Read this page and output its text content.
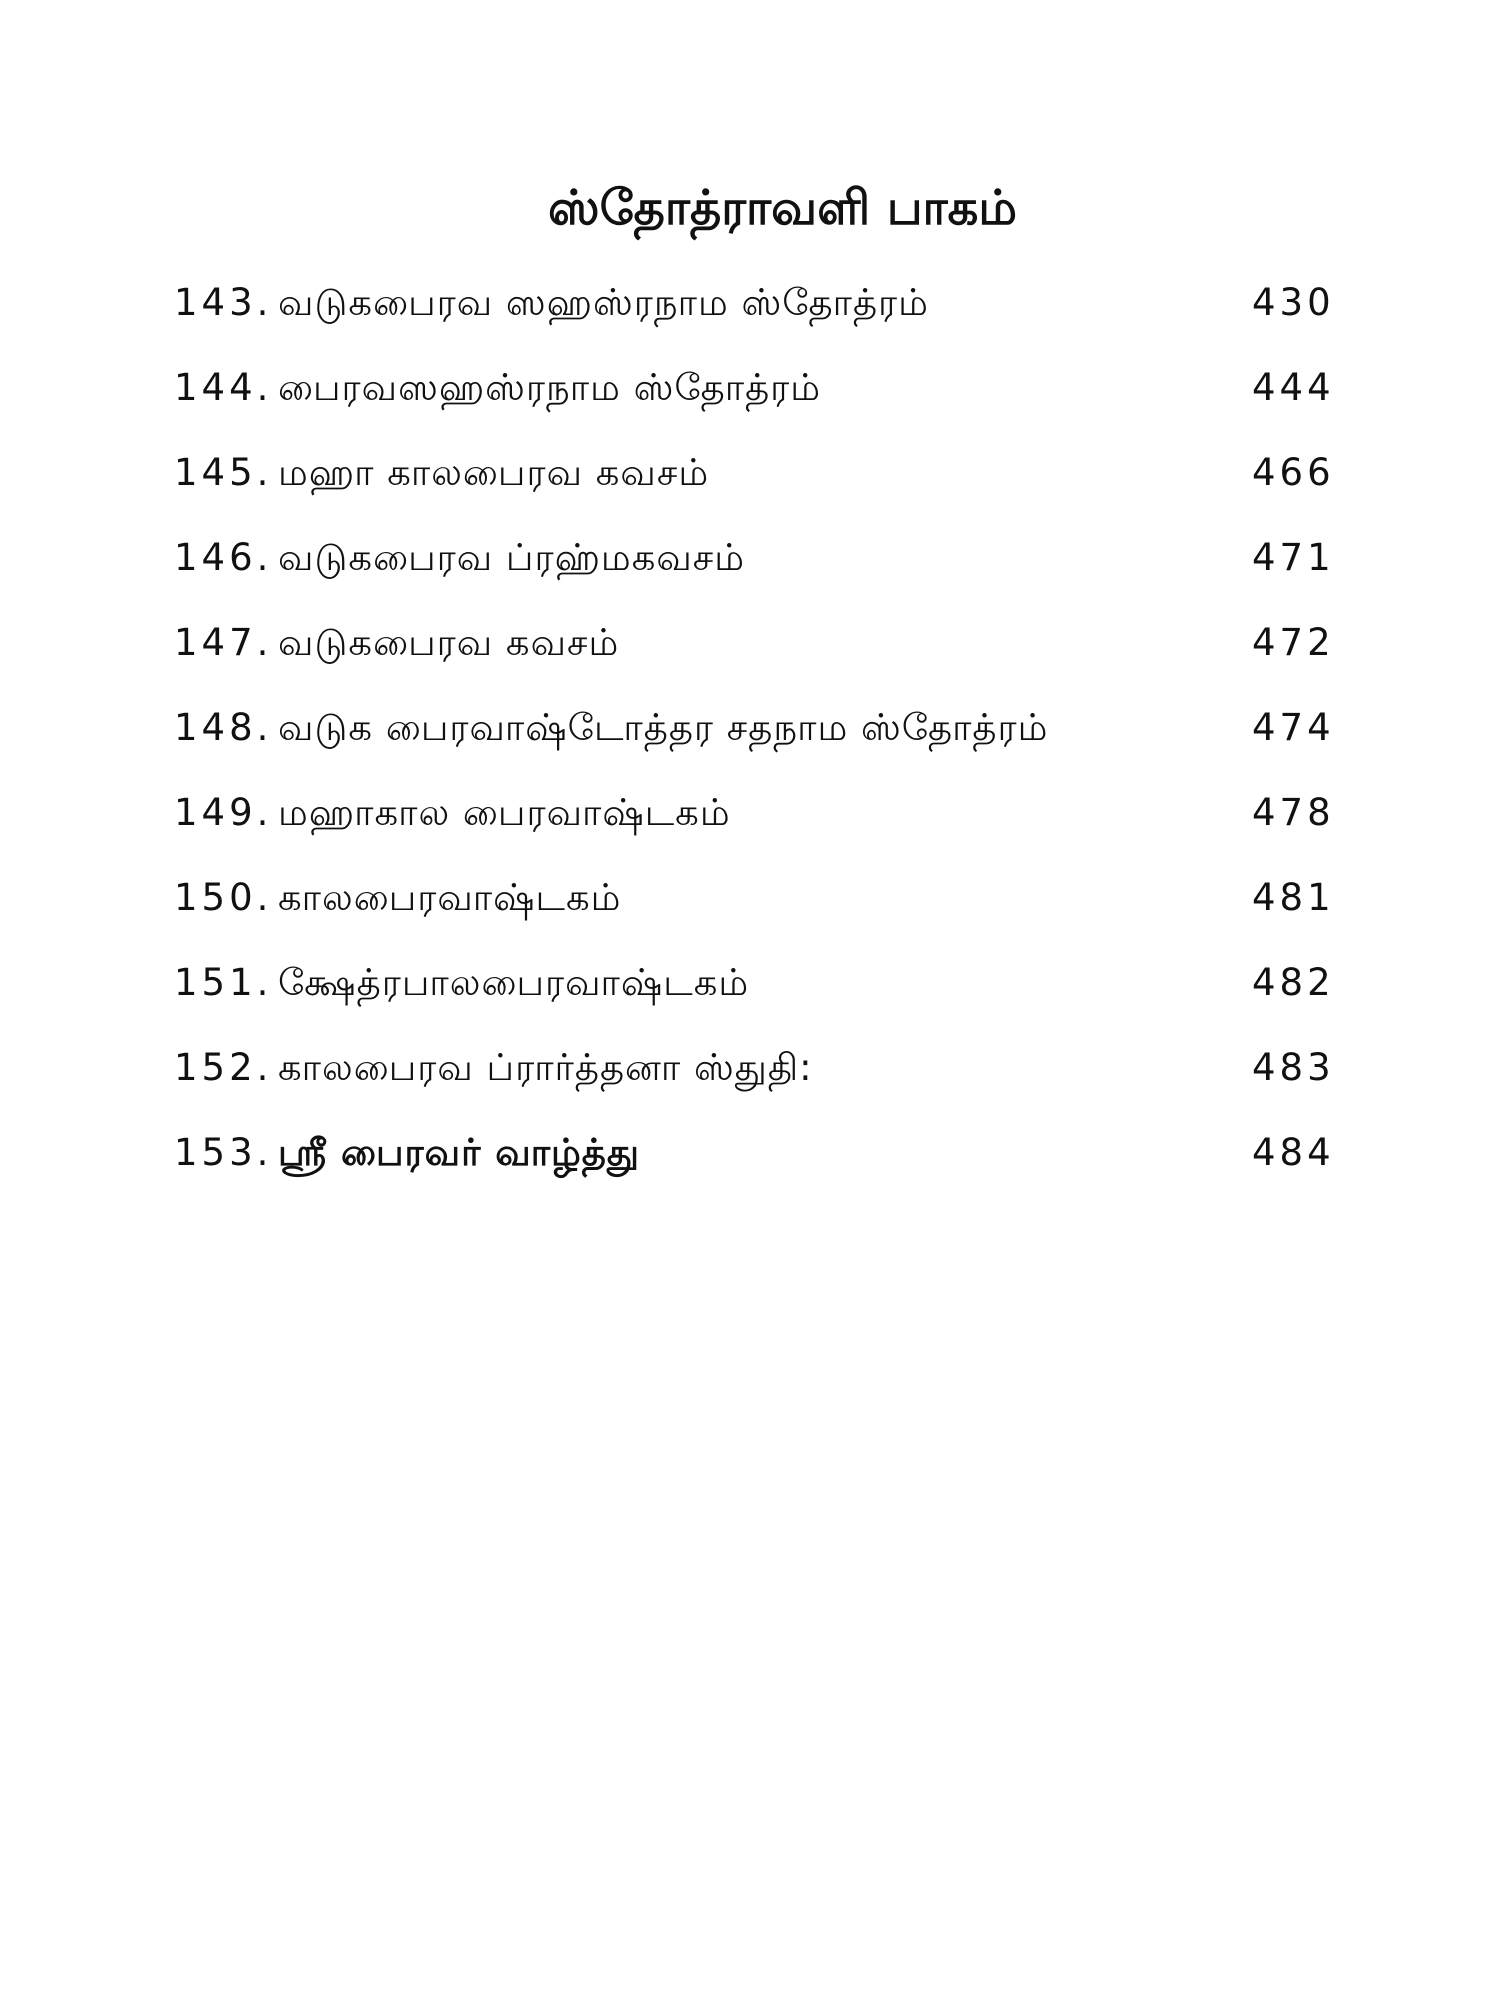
ஸ்தோத்ராவளி பாகம்
143. வடுகபைரவ ஸஹஸ்ரநாம ஸ்தோத்ரம்	430
144. பைரவஸஹஸ்ரநாம ஸ்தோத்ரம்	444
145. மஹா காலபைரவ கவசம்	466
146. வடுகபைரவ ப்ரஹ்மகவசம்	471
147. வடுகபைரவ கவசம்	472
148. வடுக பைரவாஷ்டோத்தர சதநாம ஸ்தோத்ரம்	474
149. மஹாகால பைரவாஷ்டகம்	478
150. காலபைரவாஷ்டகம்	481
151. க்ஷேத்ரபாலபைரவாஷ்டகம்	482
152. காலபைரவ ப்ரார்த்தனா ஸ்துதி:	483
153. ஸ்ரீ பைரவர் வாழ்த்து	484
